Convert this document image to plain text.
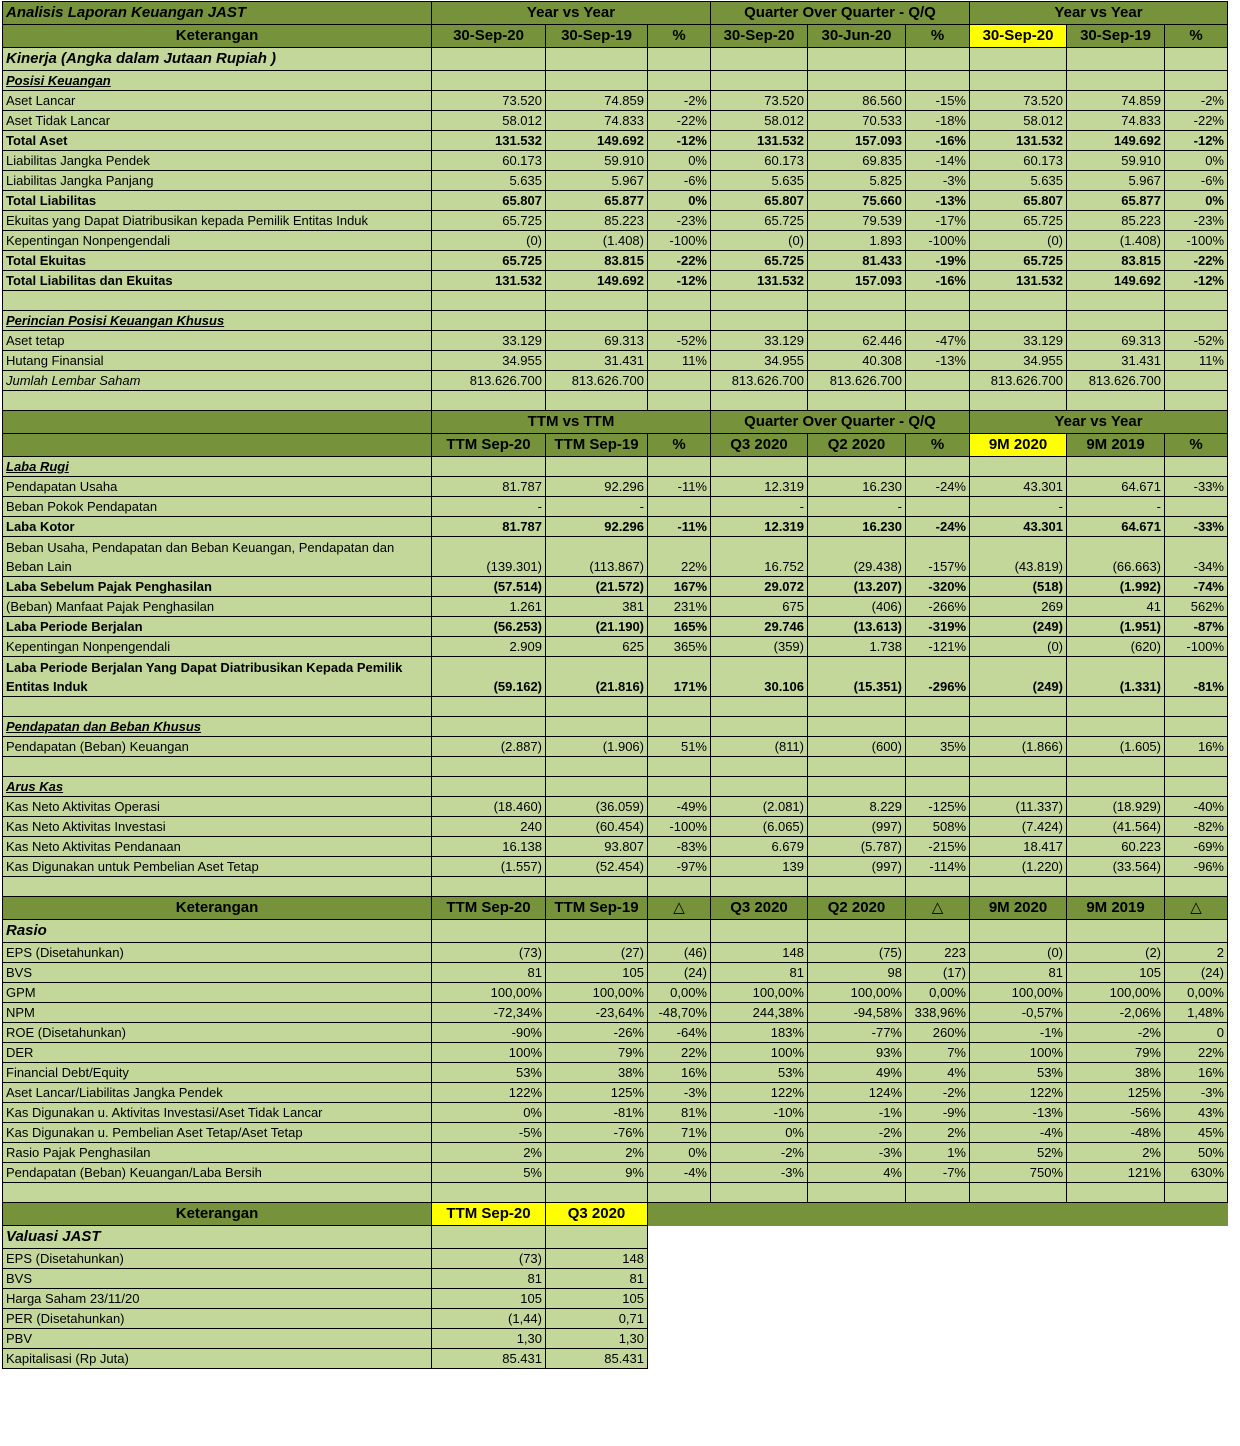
Analisis Laporan Keuangan JAST	Year vs Year			Quarter Over Quarter - Q/Q			Year vs Year		
Keterangan	30-Sep-20	30-Sep-19	%	30-Sep-20	30-Jun-20	%	30-Sep-20	30-Sep-19	%
Kinerja (Angka dalam Jutaan Rupiah )									
Posisi Keuangan									
Aset Lancar	73.520	74.859	-2%	73.520	86.560	-15%	73.520	74.859	-2%
Aset Tidak Lancar	58.012	74.833	-22%	58.012	70.533	-18%	58.012	74.833	-22%
Total Aset	131.532	149.692	-12%	131.532	157.093	-16%	131.532	149.692	-12%
Liabilitas Jangka Pendek	60.173	59.910	0%	60.173	69.835	-14%	60.173	59.910	0%
Liabilitas Jangka Panjang	5.635	5.967	-6%	5.635	5.825	-3%	5.635	5.967	-6%
Total Liabilitas	65.807	65.877	0%	65.807	75.660	-13%	65.807	65.877	0%
Ekuitas yang Dapat Diatribusikan kepada Pemilik Entitas Induk	65.725	85.223	-23%	65.725	79.539	-17%	65.725	85.223	-23%
Kepentingan Nonpengendali	(0)	(1.408)	-100%	(0)	1.893	-100%	(0)	(1.408)	-100%
Total Ekuitas	65.725	83.815	-22%	65.725	81.433	-19%	65.725	83.815	-22%
Total Liabilitas dan Ekuitas	131.532	149.692	-12%	131.532	157.093	-16%	131.532	149.692	-12%

Perincian Posisi Keuangan Khusus									
Aset tetap	33.129	69.313	-52%	33.129	62.446	-47%	33.129	69.313	-52%
Hutang Finansial	34.955	31.431	11%	34.955	40.308	-13%	34.955	31.431	11%
Jumlah Lembar Saham	813.626.700	813.626.700		813.626.700	813.626.700		813.626.700	813.626.700	

	TTM vs TTM			Quarter Over Quarter - Q/Q			Year vs Year		
	TTM Sep-20	TTM Sep-19	%	Q3 2020	Q2 2020	%	9M 2020	9M 2019	%
Laba Rugi									
Pendapatan Usaha	81.787	92.296	-11%	12.319	16.230	-24%	43.301	64.671	-33%
Beban Pokok Pendapatan	-	-		-	-		-	-	
Laba Kotor	81.787	92.296	-11%	12.319	16.230	-24%	43.301	64.671	-33%
Beban Usaha, Pendapatan dan Beban Keuangan, Pendapatan dan Beban Lain	(139.301)	(113.867)	22%	16.752	(29.438)	-157%	(43.819)	(66.663)	-34%
Laba Sebelum Pajak Penghasilan	(57.514)	(21.572)	167%	29.072	(13.207)	-320%	(518)	(1.992)	-74%
(Beban) Manfaat Pajak Penghasilan	1.261	381	231%	675	(406)	-266%	269	41	562%
Laba Periode Berjalan	(56.253)	(21.190)	165%	29.746	(13.613)	-319%	(249)	(1.951)	-87%
Kepentingan Nonpengendali	2.909	625	365%	(359)	1.738	-121%	(0)	(620)	-100%
Laba Periode Berjalan Yang Dapat Diatribusikan Kepada Pemilik Entitas Induk	(59.162)	(21.816)	171%	30.106	(15.351)	-296%	(249)	(1.331)	-81%

Pendapatan dan Beban Khusus									
Pendapatan (Beban) Keuangan	(2.887)	(1.906)	51%	(811)	(600)	35%	(1.866)	(1.605)	16%

Arus Kas									
Kas Neto Aktivitas Operasi	(18.460)	(36.059)	-49%	(2.081)	8.229	-125%	(11.337)	(18.929)	-40%
Kas Neto Aktivitas Investasi	240	(60.454)	-100%	(6.065)	(997)	508%	(7.424)	(41.564)	-82%
Kas Neto Aktivitas Pendanaan	16.138	93.807	-83%	6.679	(5.787)	-215%	18.417	60.223	-69%
Kas Digunakan untuk Pembelian Aset Tetap	(1.557)	(52.454)	-97%	139	(997)	-114%	(1.220)	(33.564)	-96%

Keterangan	TTM Sep-20	TTM Sep-19	△	Q3 2020	Q2 2020	△	9M 2020	9M 2019	△
Rasio									
EPS (Disetahunkan)	(73)	(27)	(46)	148	(75)	223	(0)	(2)	2
BVS	81	105	(24)	81	98	(17)	81	105	(24)
GPM	100,00%	100,00%	0,00%	100,00%	100,00%	0,00%	100,00%	100,00%	0,00%
NPM	-72,34%	-23,64%	-48,70%	244,38%	-94,58%	338,96%	-0,57%	-2,06%	1,48%
ROE (Disetahunkan)	-90%	-26%	-64%	183%	-77%	260%	-1%	-2%	0
DER	100%	79%	22%	100%	93%	7%	100%	79%	22%
Financial Debt/Equity	53%	38%	16%	53%	49%	4%	53%	38%	16%
Aset Lancar/Liabilitas Jangka Pendek	122%	125%	-3%	122%	124%	-2%	122%	125%	-3%
Kas Digunakan u. Aktivitas Investasi/Aset Tidak Lancar	0%	-81%	81%	-10%	-1%	-9%	-13%	-56%	43%
Kas Digunakan u. Pembelian Aset Tetap/Aset Tetap	-5%	-76%	71%	0%	-2%	2%	-4%	-48%	45%
Rasio Pajak Penghasilan	2%	2%	0%	-2%	-3%	1%	52%	2%	50%
Pendapatan (Beban) Keuangan/Laba Bersih	5%	9%	-4%	-3%	4%	-7%	750%	121%	630%

Keterangan	TTM Sep-20	Q3 2020							
Valuasi JAST									
EPS (Disetahunkan)	(73)	148							
BVS	81	81							
Harga Saham 23/11/20	105	105							
PER (Disetahunkan)	(1,44)	0,71							
PBV	1,30	1,30							
Kapitalisasi (Rp Juta)	85.431	85.431							
